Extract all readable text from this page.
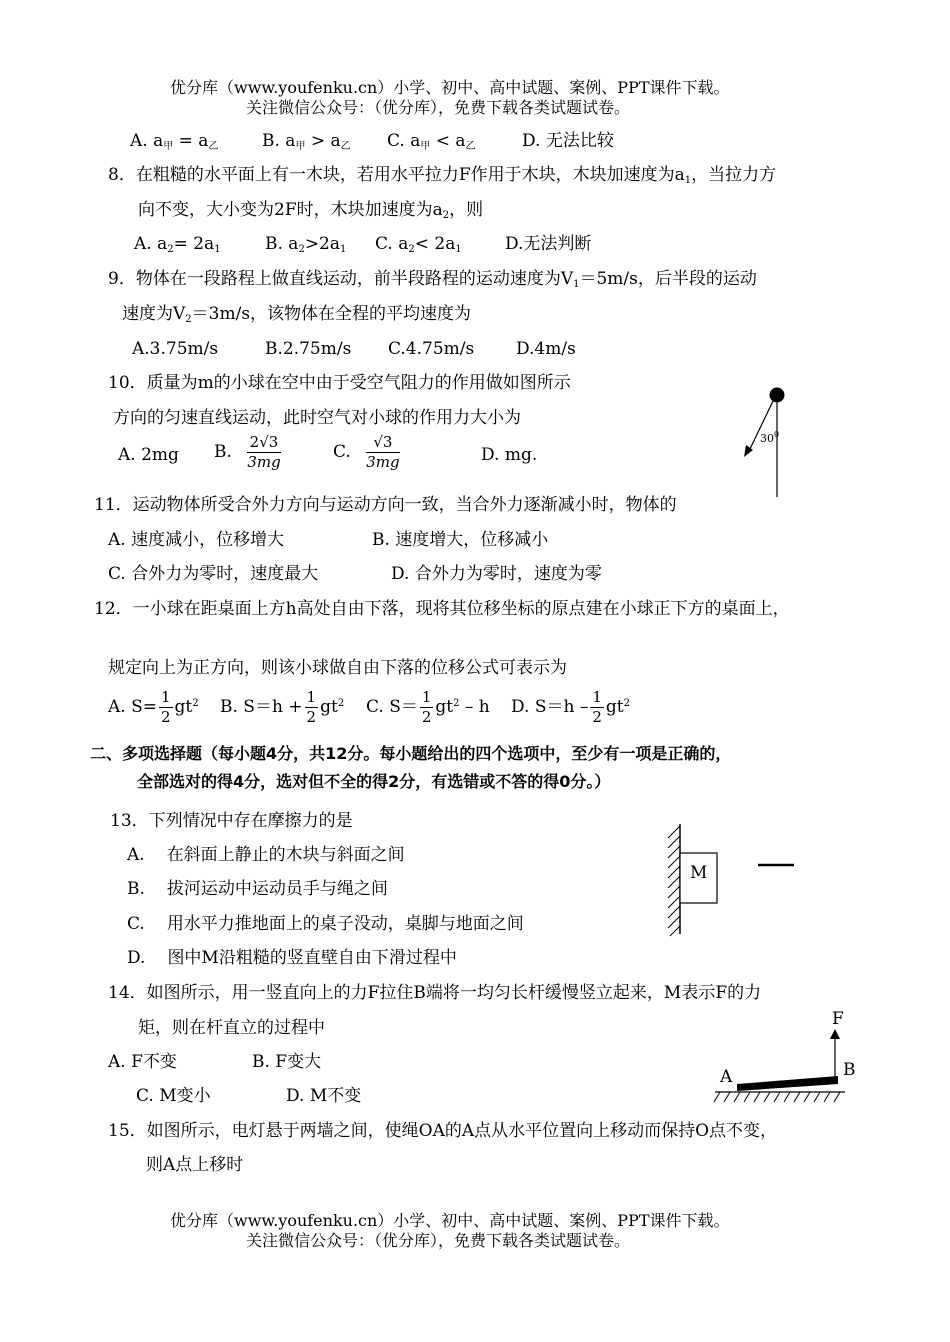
优分库（www.youfenku.cn）小学、初中、高中试题、案例、PPT课件下载。
关注微信公众号：（优分库），免费下载各类试题试卷。
A. $a_甲 = a_乙$	B. $a_甲 > a_乙$ C. $a_甲 < a_乙$	D. 无法比较
8．在粗糙的水平面上有一木块，若用水平拉力F作用于木块，木块加速度为$a_1$，当拉力方
向不变，大小变为2F时，木块加速度为$a_2$，则
A. $a_2= 2a_1$	B. $a_2>2a_1$ C. $a_2< 2a_1$	D.无法判断
9．物体在一段路程上做直线运动，前半段路程的运动速度为$V_1=5m/s$，后半段的运动
速度为$V_2=3m/s$，该物体在全程的平均速度为
A.3.75m/s	B.2.75m/s C.4.75m/s D.4m/s
10．质量为m的小球在空中由于受空气阻力的作用做如图所示
方向的匀速直线运动，此时空气对小球的作用力大小为
A. 2mg B. $\frac{2√3}{3mg}$	C. $\frac{√3}{3mg}$	D. mg.
$30^0$
11．运动物体所受合外力方向与运动方向一致，当合外力逐渐减小时，物体的
A. 速度减小，位移增大	B. 速度增大，位移减小
C. 合外力为零时，速度最大	D. 合外力为零时，速度为零
12．一小球在距桌面上方h高处自由下落，现将其位移坐标的原点建在小球正下方的桌面上，
规定向上为正方向，则该小球做自由下落的位移公式可表示为
A. $S= \frac{1}{2} gt^2$ B. $S=h + \frac{1}{2} gt^2$ C. $S= \frac{1}{2} gt^2 - h$ D. $S=h - \frac{1}{2} gt^2$
二、多项选择题（每小题4分，共12分。每小题给出的四个选项中，至少有一项是正确的，
全部选对的得4分，选对但不全的得2分，有选错或不答的得0分。）
13．下列情况中存在摩擦力的是
A. 在斜面上静止的木块与斜面之间
B. 拔河运动中运动员手与绳之间
C. 用水平力推地面上的桌子没动，桌脚与地面之间
D. 图中M沿粗糙的竖直壁自由下滑过程中
M
14．如图所示，用一竖直向上的力F拉住B端将一均匀长杆缓慢竖立起来，M表示F的力
矩，则在杆直立的过程中
A. F不变	B. F变大
C. M变小	D. M不变
F
A	B
15．如图所示，电灯悬于两墙之间，使绳OA的A点从水平位置向上移动而保持O点不变，
则A点上移时
优分库（www.youfenku.cn）小学、初中、高中试题、案例、PPT课件下载。
关注微信公众号：（优分库），免费下载各类试题试卷。
